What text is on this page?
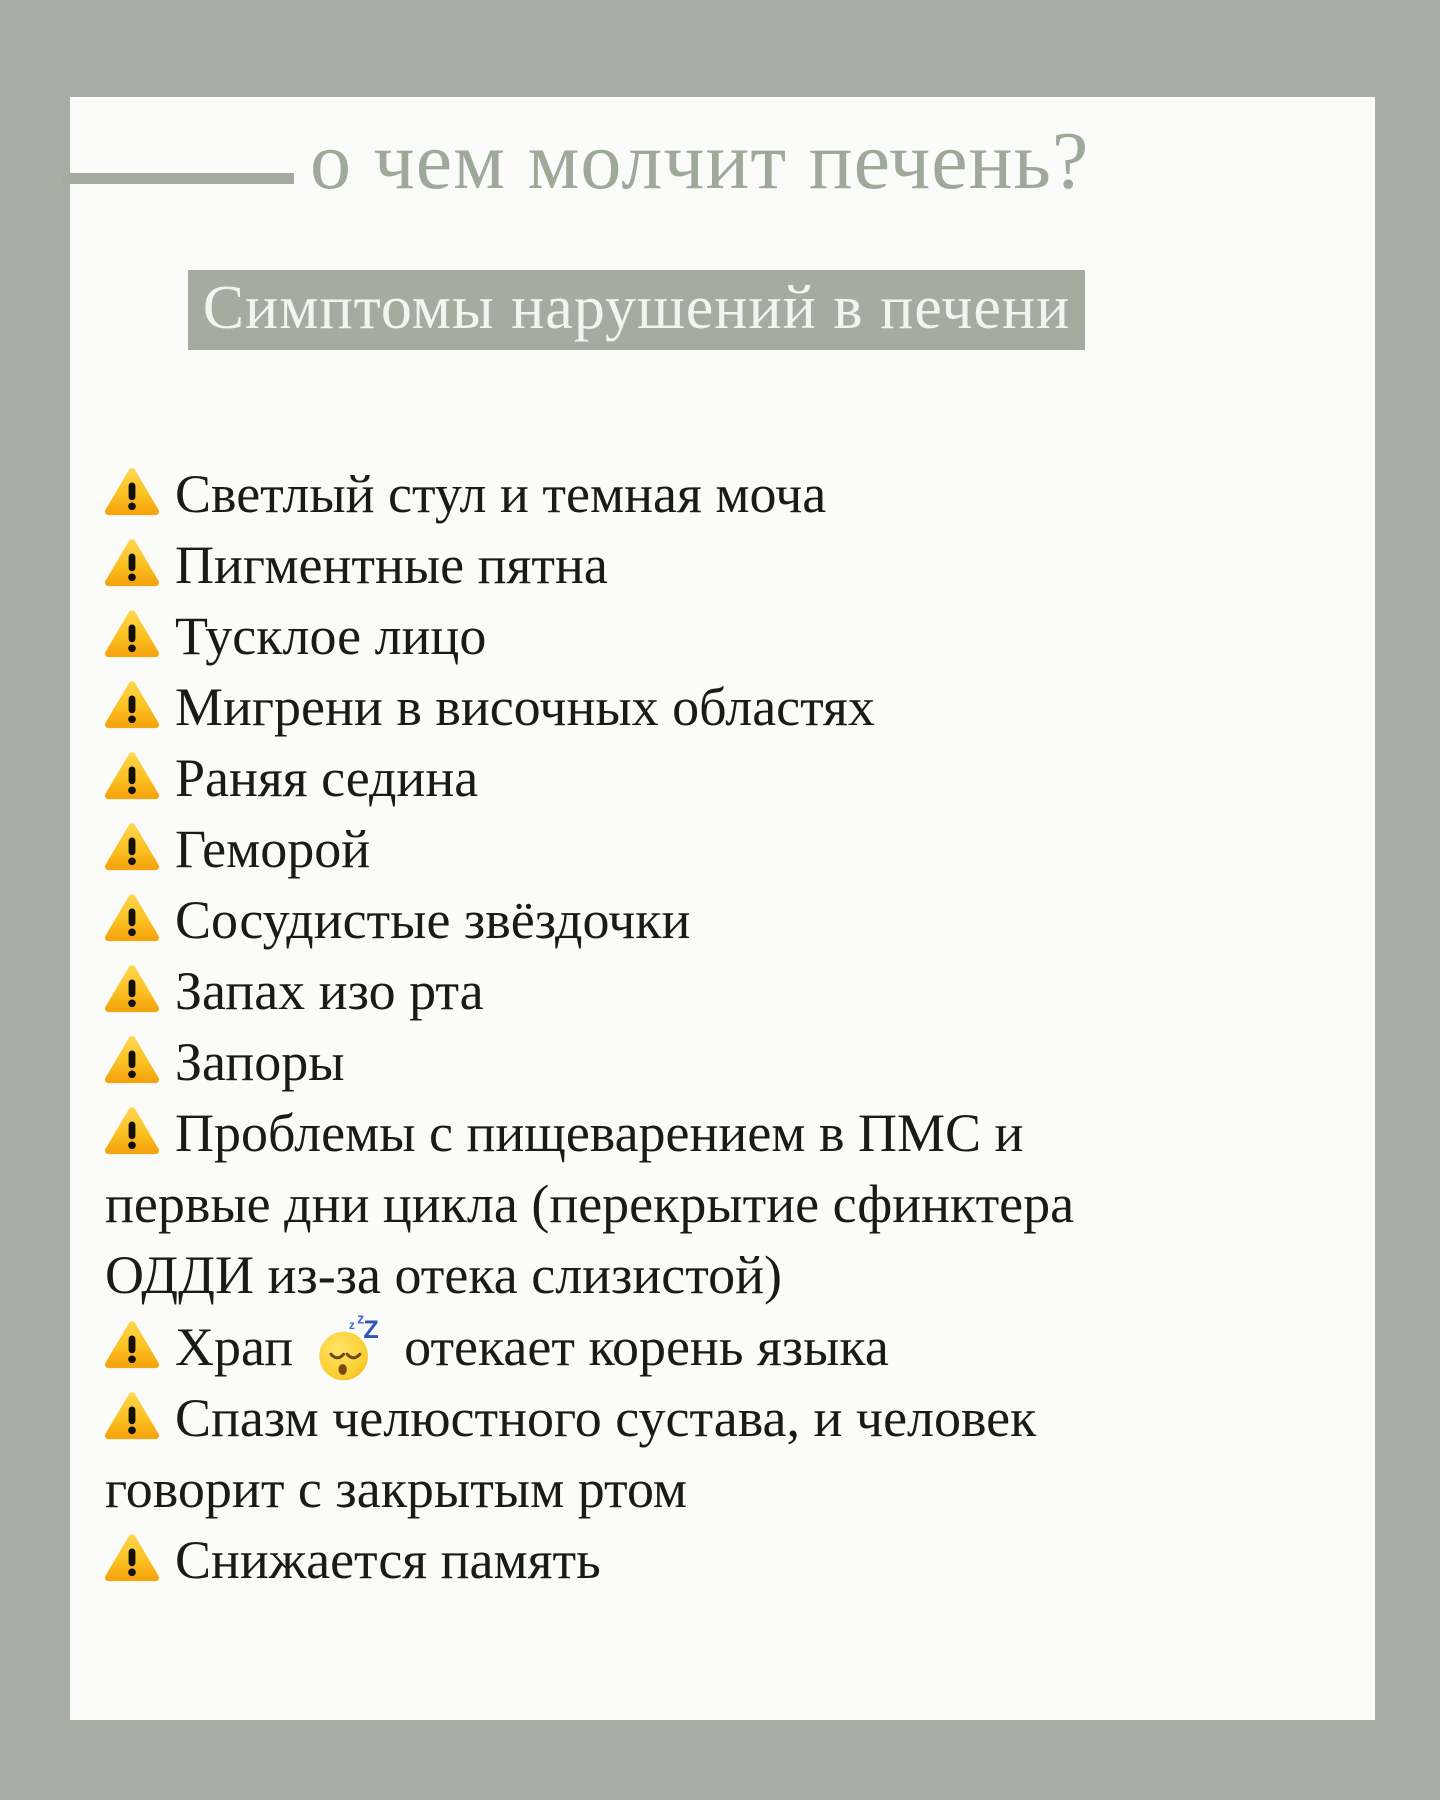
о чем молчит печень?
Симптомы нарушений в печени

Светлый стул и темная моча

Пигментные пятна

Тусклое лицо

Мигрени в височных областях

Раняя седина

Геморой

Сосудистые звёздочки

Запах изо рта

Запоры

Проблемы с пищеварением в ПМС и
первые дни цикла (перекрытие сфинктера
ОДДИ из-за отека слизистой)

Храп	z z Z отекает корень языка

Спазм челюстного сустава, и человек
говорит с закрытым ртом

Снижается память
